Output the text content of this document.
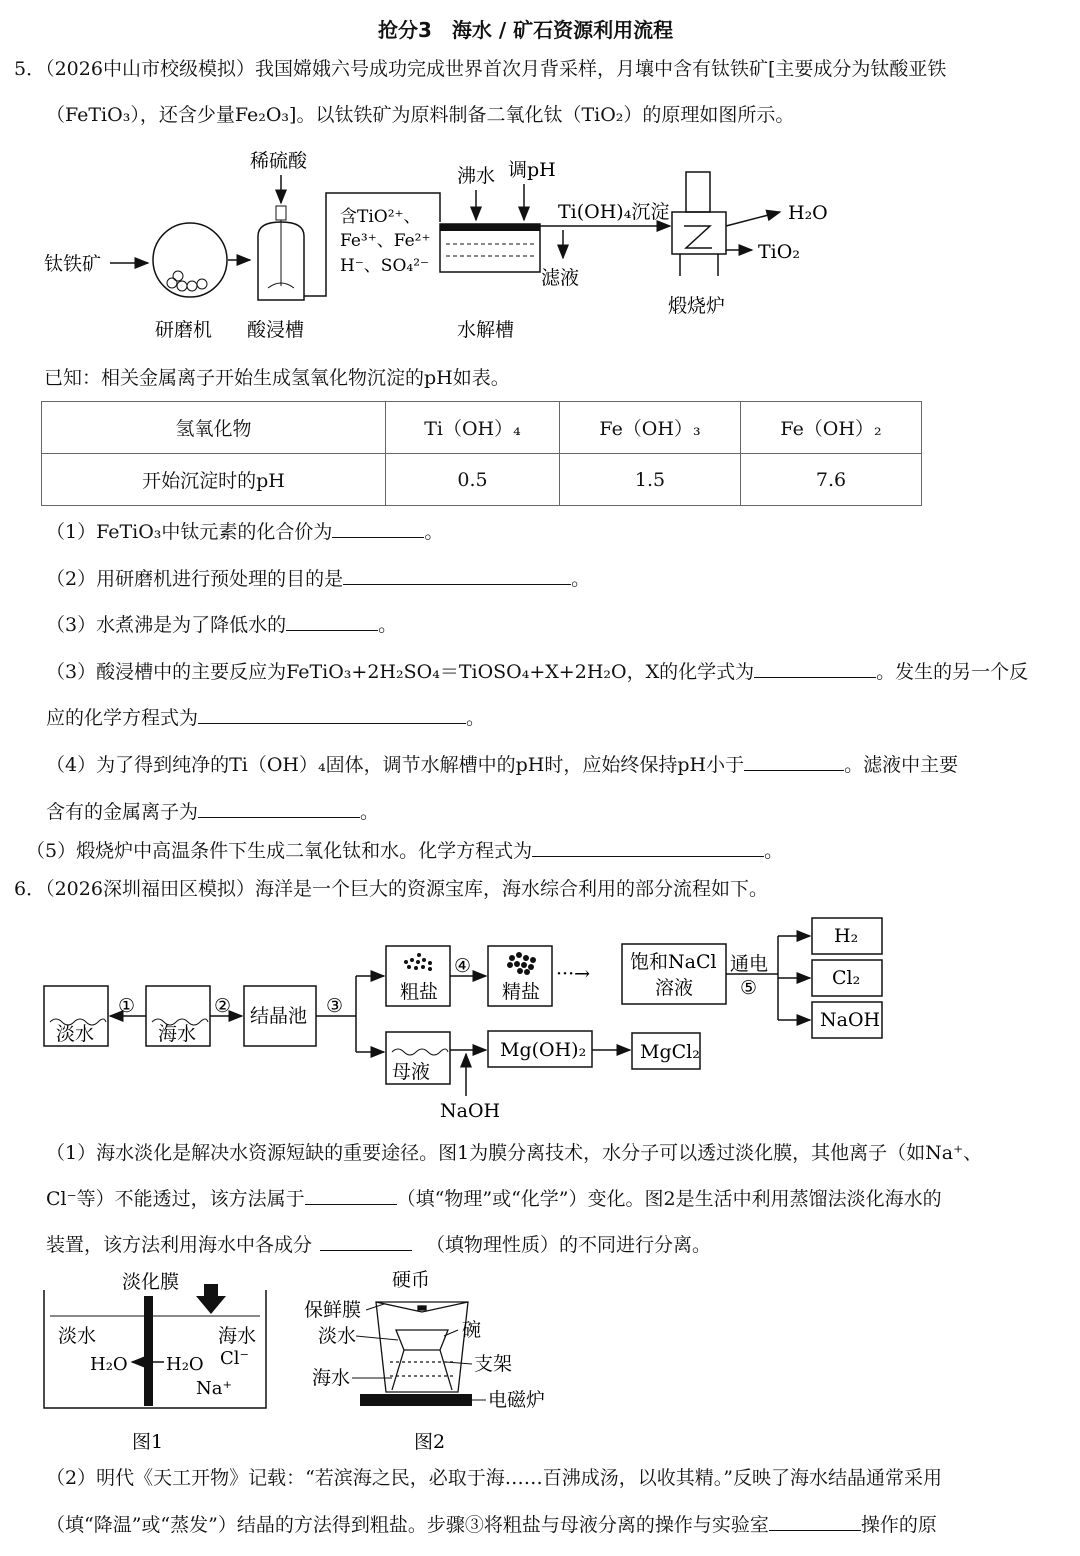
抢分3　海水 / 矿石资源利用流程
5．（2026中山市校级模拟）我国嫦娥六号成功完成世界首次月背采样，月壤中含有钛铁矿[主要成分为钛酸亚铁
（FeTiO₃），还含少量Fe₂O₃]。以钛铁矿为原料制备二氧化钛（TiO₂）的原理如图所示。
钛铁矿
研磨机
稀硫酸
酸浸槽
含TiO²⁺、
Fe³⁺、Fe²⁺
H⁻、SO₄²⁻
沸水 调pH
水解槽
滤液
Ti(OH)₄沉淀
煅烧炉
H₂O
TiO₂
已知：相关金属离子开始生成氢氧化物沉淀的pH如表。
氢氧化物	Ti（OH）₄	Fe（OH）₃	Fe（OH）₂
开始沉淀时的pH	0.5	1.5	7.6
（1）FeTiO₃中钛元素的化合价为	。
（2）用研磨机进行预处理的目的是	。
（3）水煮沸是为了降低水的	。
（3）酸浸槽中的主要反应为FeTiO₃+2H₂SO₄＝TiOSO₄+X+2H₂O，X的化学式为	。发生的另一个反
应的化学方程式为	。
（4）为了得到纯净的Ti（OH）₄固体，调节水解槽中的pH时，应始终保持pH小于	。滤液中主要
含有的金属离子为	。
（5）煅烧炉中高温条件下生成二氧化钛和水。化学方程式为	。
6．（2026深圳福田区模拟）海洋是一个巨大的资源宝库，海水综合利用的部分流程如下。
淡水	海水
结晶池
粗盐	精盐
饱和NaCl
溶液
H₂
Cl₂
NaOH
母液
Mg(OH)₂	MgCl₂
NaOH
①	②	③
④
⑤
通电
···→
（1）海水淡化是解决水资源短缺的重要途径。图1为膜分离技术，水分子可以透过淡化膜，其他离子（如Na⁺、
Cl⁻等）不能透过，该方法属于	（填“物理”或“化学”）变化。图2是生活中利用蒸馏法淡化海水的
装置，该方法利用海水中各成分	（填物理性质）的不同进行分离。
淡化膜
淡水	海水
H₂O H₂O Cl⁻
Na⁺
图1
硬币
保鲜膜
淡水	碗
支架
海水
电磁炉
图2
（2）明代《天工开物》记载：“若滨海之民，必取于海……百沸成汤，以收其精。”反映了海水结晶通常采用
（填“降温”或“蒸发”）结晶的方法得到粗盐。步骤③将粗盐与母液分离的操作与实验室	操作的原
